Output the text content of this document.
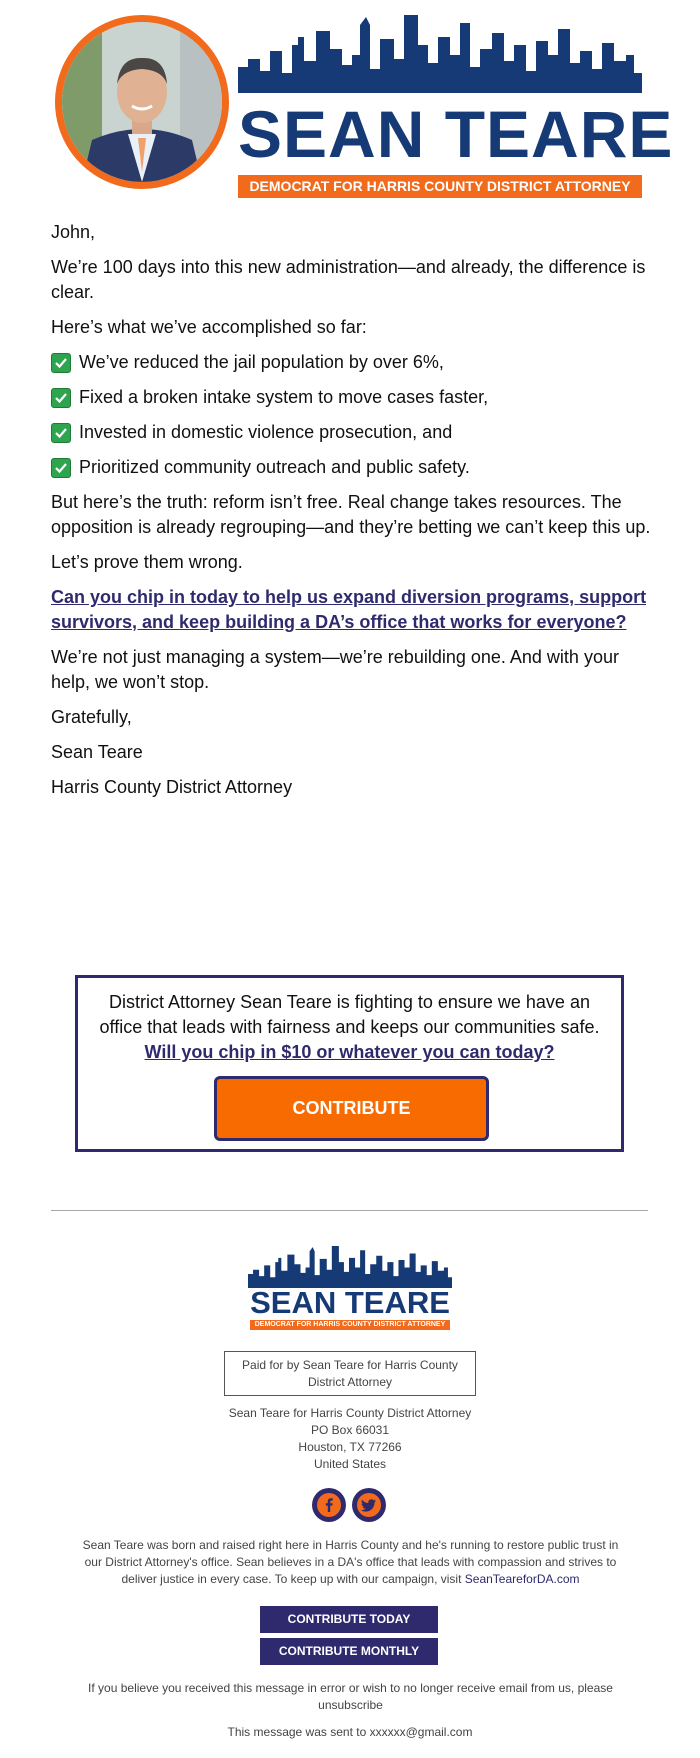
SEAN TEARE
DEMOCRAT FOR HARRIS COUNTY DISTRICT ATTORNEY

John,

We’re 100 days into this new administration—and already, the difference is clear.

Here’s what we’ve accomplished so far:

We’ve reduced the jail population by over 6%,
Fixed a broken intake system to move cases faster,
Invested in domestic violence prosecution, and
Prioritized community outreach and public safety.

But here’s the truth: reform isn’t free. Real change takes resources. The opposition is already regrouping—and they’re betting we can’t keep this up.

Let’s prove them wrong.

Can you chip in today to help us expand diversion programs, support survivors, and keep building a DA’s office that works for everyone?

We’re not just managing a system—we’re rebuilding one. And with your help, we won’t stop.

Gratefully,

Sean Teare

Harris County District Attorney

District Attorney Sean Teare is fighting to ensure we have an
office that leads with fairness and keeps our communities safe.
Will you chip in $10 or whatever you can today?
CONTRIBUTE
SEAN TEARE
DEMOCRAT FOR HARRIS COUNTY DISTRICT ATTORNEY
Paid for by Sean Teare for Harris County District Attorney
Sean Teare for Harris County District Attorney
PO Box 66031
Houston, TX 77266
United States
Sean Teare was born and raised right here in Harris County and he's running to restore public trust in our District Attorney's office. Sean believes in a DA's office that leads with compassion and strives to deliver justice in every case. To keep up with our campaign, visit SeanTeareforDA.com
CONTRIBUTE TODAY
CONTRIBUTE MONTHLY
If you believe you received this message in error or wish to no longer receive email from us, please unsubscribe
This message was sent to xxxxxx@gmail.com
